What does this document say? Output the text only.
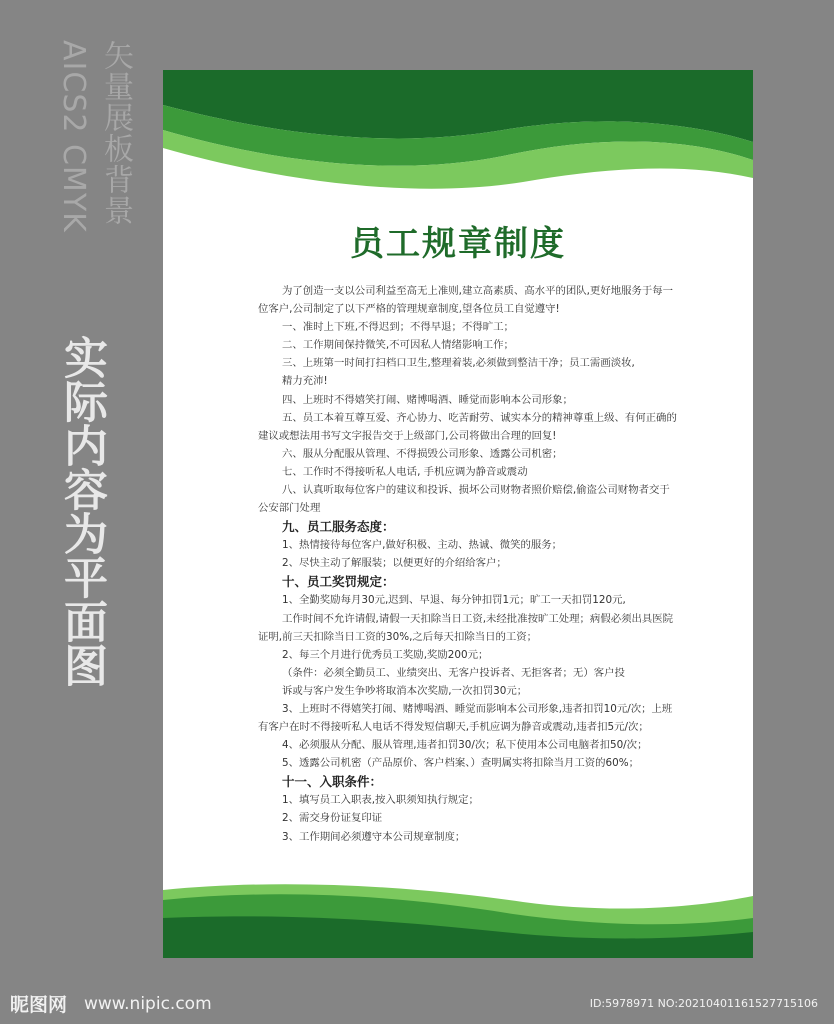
矢量展板背景
AICS2 CMYK
实际内容为平面图
员工规章制度
为了创造一支以公司利益至高无上准则,建立高素质、高水平的团队,更好地服务于每一
位客户,公司制定了以下严格的管理规章制度,望各位员工自觉遵守!
一、准时上下班,不得迟到；不得早退；不得旷工；
二、工作期间保持微笑,不可因私人情绪影响工作；
三、上班第一时间打扫档口卫生,整理着装,必须做到整洁干净；员工需画淡妆,
精力充沛!
四、上班时不得嬉笑打闹、赌博喝酒、睡觉而影响本公司形象；
五、员工本着互尊互爱、齐心协力、吃苦耐劳、诚实本分的精神尊重上级、有何正确的
建议或想法用书写文字报告交于上级部门,公司将做出合理的回复!
六、服从分配服从管理、不得损毁公司形象、透露公司机密；
七、工作时不得接听私人电话, 手机应调为静音或震动
八、认真听取每位客户的建议和投诉、损坏公司财物者照价赔偿,偷盗公司财物者交于
公安部门处理
九、员工服务态度：
1、热情接待每位客户,做好积极、主动、热诚、微笑的服务；
2、尽快主动了解服装；以便更好的介绍给客户；
十、员工奖罚规定：
1、全勤奖励每月30元,迟到、早退、每分钟扣罚1元；旷工一天扣罚120元,
工作时间不允许请假,请假一天扣除当日工资,未经批准按旷工处理；病假必须出具医院
证明,前三天扣除当日工资的30%,之后每天扣除当日的工资；
2、每三个月进行优秀员工奖励,奖励200元；
（条件：必须全勤员工、业绩突出、无客户投诉者、无拒客者；无）客户投
诉或与客户发生争吵将取消本次奖励,一次扣罚30元；
3、上班时不得嬉笑打闹、赌博喝酒、睡觉而影响本公司形象,违者扣罚10元/次；上班
有客户在时不得接听私人电话不得发短信聊天,手机应调为静音或震动,违者扣5元/次；
4、必须服从分配、服从管理,违者扣罚30/次；私下使用本公司电脑者扣50/次；
5、透露公司机密（产品原价、客户档案、）查明属实将扣除当月工资的60%；
十一、入职条件：
1、填写员工入职表,按入职须知执行规定；
2、需交身份证复印证
3、工作期间必须遵守本公司规章制度；
昵图网 www.nipic.com	ID:5978971 NO:20210401161527715106
